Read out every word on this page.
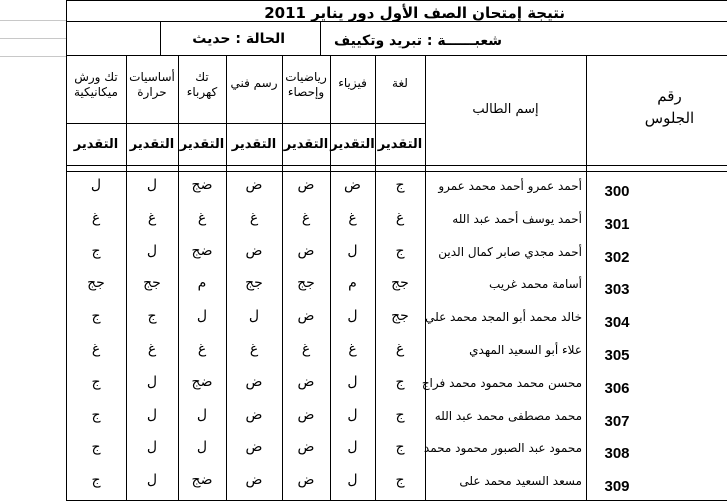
نتيجة إمتحان الصف الأول دور يناير 2011
شعبــــــة : تبريد وتكييف
الحالة : حديث
رقم
الجلوس
إسم الطالب
لغة
فيزياء
رياضيات
وإحصاء
رسم فني
تك
كهرباء
أساسيات
حرارة
تك ورش
ميكانيكية
التقدير
التقدير
التقدير
التقدير
التقدير
التقدير
التقدير
300
أحمد عمرو أحمد محمد عمرو
ج
ض
ض
ض
ضج
ل
ل
301
أحمد يوسف أحمد عبد الله
غ
غ
غ
غ
غ
غ
غ
302
أحمد مجدي صابر كمال الدين
ج
ل
ض
ض
ضج
ل
ج
303
أسامة محمد غريب
جج
م
جج
جج
م
جج
جج
304
خالد محمد أبو المجد محمد علي
جج
ل
ض
ل
ل
ج
ج
305
علاء أبو السعيد المهدي
غ
غ
غ
غ
غ
غ
غ
306
محسن محمد محمود محمد فراج
ج
ل
ض
ض
ضج
ل
ج
307
محمد مصطفى محمد عبد الله
ج
ل
ض
ض
ل
ل
ج
308
محمود عبد الصبور محمود محمد
ج
ل
ض
ض
ل
ل
ج
309
مسعد السعيد محمد على
ج
ل
ض
ض
ضج
ل
ج
